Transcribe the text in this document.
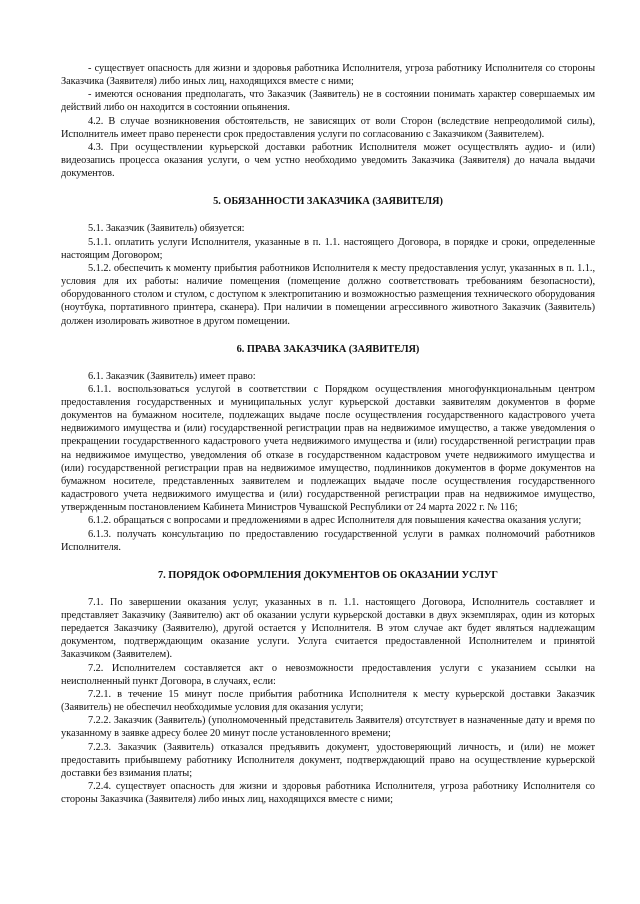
- существует опасность для жизни и здоровья работника Исполнителя, угроза работнику Исполнителя со стороны Заказчика (Заявителя) либо иных лиц, находящихся вместе с ними;

- имеются основания предполагать, что Заказчик (Заявитель) не в состоянии понимать характер совершаемых им действий либо он находится в состоянии опьянения.

4.2. В случае возникновения обстоятельств, не зависящих от воли Сторон (вследствие непреодолимой силы), Исполнитель имеет право перенести срок предоставления услуги по согласованию с Заказчиком (Заявителем).

4.3. При осуществлении курьерской доставки работник Исполнителя может осуществлять аудио- и (или) видеозапись процесса оказания услуги, о чем устно необходимо уведомить Заказчика (Заявителя) до начала выдачи документов.

5. ОБЯЗАННОСТИ ЗАКАЗЧИКА (ЗАЯВИТЕЛЯ)

5.1. Заказчик (Заявитель) обязуется:

5.1.1. оплатить услуги Исполнителя, указанные в п. 1.1. настоящего Договора, в порядке и сроки, определенные настоящим Договором;

5.1.2. обеспечить к моменту прибытия работников Исполнителя к месту предоставления услуг, указанных в п. 1.1., условия для их работы: наличие помещения (помещение должно соответствовать требованиям безопасности), оборудованного столом и стулом, с доступом к электропитанию и возможностью размещения технического оборудования (ноутбука, портативного принтера, сканера). При наличии в помещении агрессивного животного Заказчик (Заявитель) должен изолировать животное в другом помещении.

6. ПРАВА ЗАКАЗЧИКА (ЗАЯВИТЕЛЯ)

6.1. Заказчик (Заявитель) имеет право:

6.1.1. воспользоваться услугой в соответствии с Порядком осуществления многофункциональным центром предоставления государственных и муниципальных услуг курьерской доставки заявителям документов в форме документов на бумажном носителе, подлежащих выдаче после осуществления государственного кадастрового учета недвижимого имущества и (или) государственной регистрации прав на недвижимое имущество, а также уведомления о прекращении государственного кадастрового учета недвижимого имущества и (или) государственной регистрации прав на недвижимое имущество, уведомления об отказе в государственном кадастровом учете недвижимого имущества и (или) государственной регистрации прав на недвижимое имущество, подлинников документов в форме документов на бумажном носителе, представленных заявителем и подлежащих выдаче после осуществления государственного кадастрового учета недвижимого имущества и (или) государственной регистрации прав на недвижимое имущество, утвержденным постановлением Кабинета Министров Чувашской Республики от 24 марта 2022 г. № 116;

6.1.2. обращаться с вопросами и предложениями в адрес Исполнителя для повышения качества оказания услуги;

6.1.3. получать консультацию по предоставлению государственной услуги в рамках полномочий работников Исполнителя.

7. ПОРЯДОК ОФОРМЛЕНИЯ ДОКУМЕНТОВ ОБ ОКАЗАНИИ УСЛУГ

7.1. По завершении оказания услуг, указанных в п. 1.1. настоящего Договора, Исполнитель составляет и представляет Заказчику (Заявителю) акт об оказании услуги курьерской доставки в двух экземплярах, один из которых передается Заказчику (Заявителю), другой остается у Исполнителя. В этом случае акт будет являться надлежащим документом, подтверждающим оказание услуги. Услуга считается предоставленной Исполнителем и принятой Заказчиком (Заявителем).

7.2. Исполнителем составляется акт о невозможности предоставления услуги с указанием ссылки на неисполненный пункт Договора, в случаях, если:

7.2.1. в течение 15 минут после прибытия работника Исполнителя к месту курьерской доставки Заказчик (Заявитель) не обеспечил необходимые условия для оказания услуги;

7.2.2. Заказчик (Заявитель) (уполномоченный представитель Заявителя) отсутствует в назначенные дату и время по указанному в заявке адресу более 20 минут после установленного времени;

7.2.3. Заказчик (Заявитель) отказался предъявить документ, удостоверяющий личность, и (или) не может предоставить прибывшему работнику Исполнителя документ, подтверждающий право на осуществление курьерской доставки без взимания платы;

7.2.4. существует опасность для жизни и здоровья работника Исполнителя, угроза работнику Исполнителя со стороны Заказчика (Заявителя) либо иных лиц, находящихся вместе с ними;
